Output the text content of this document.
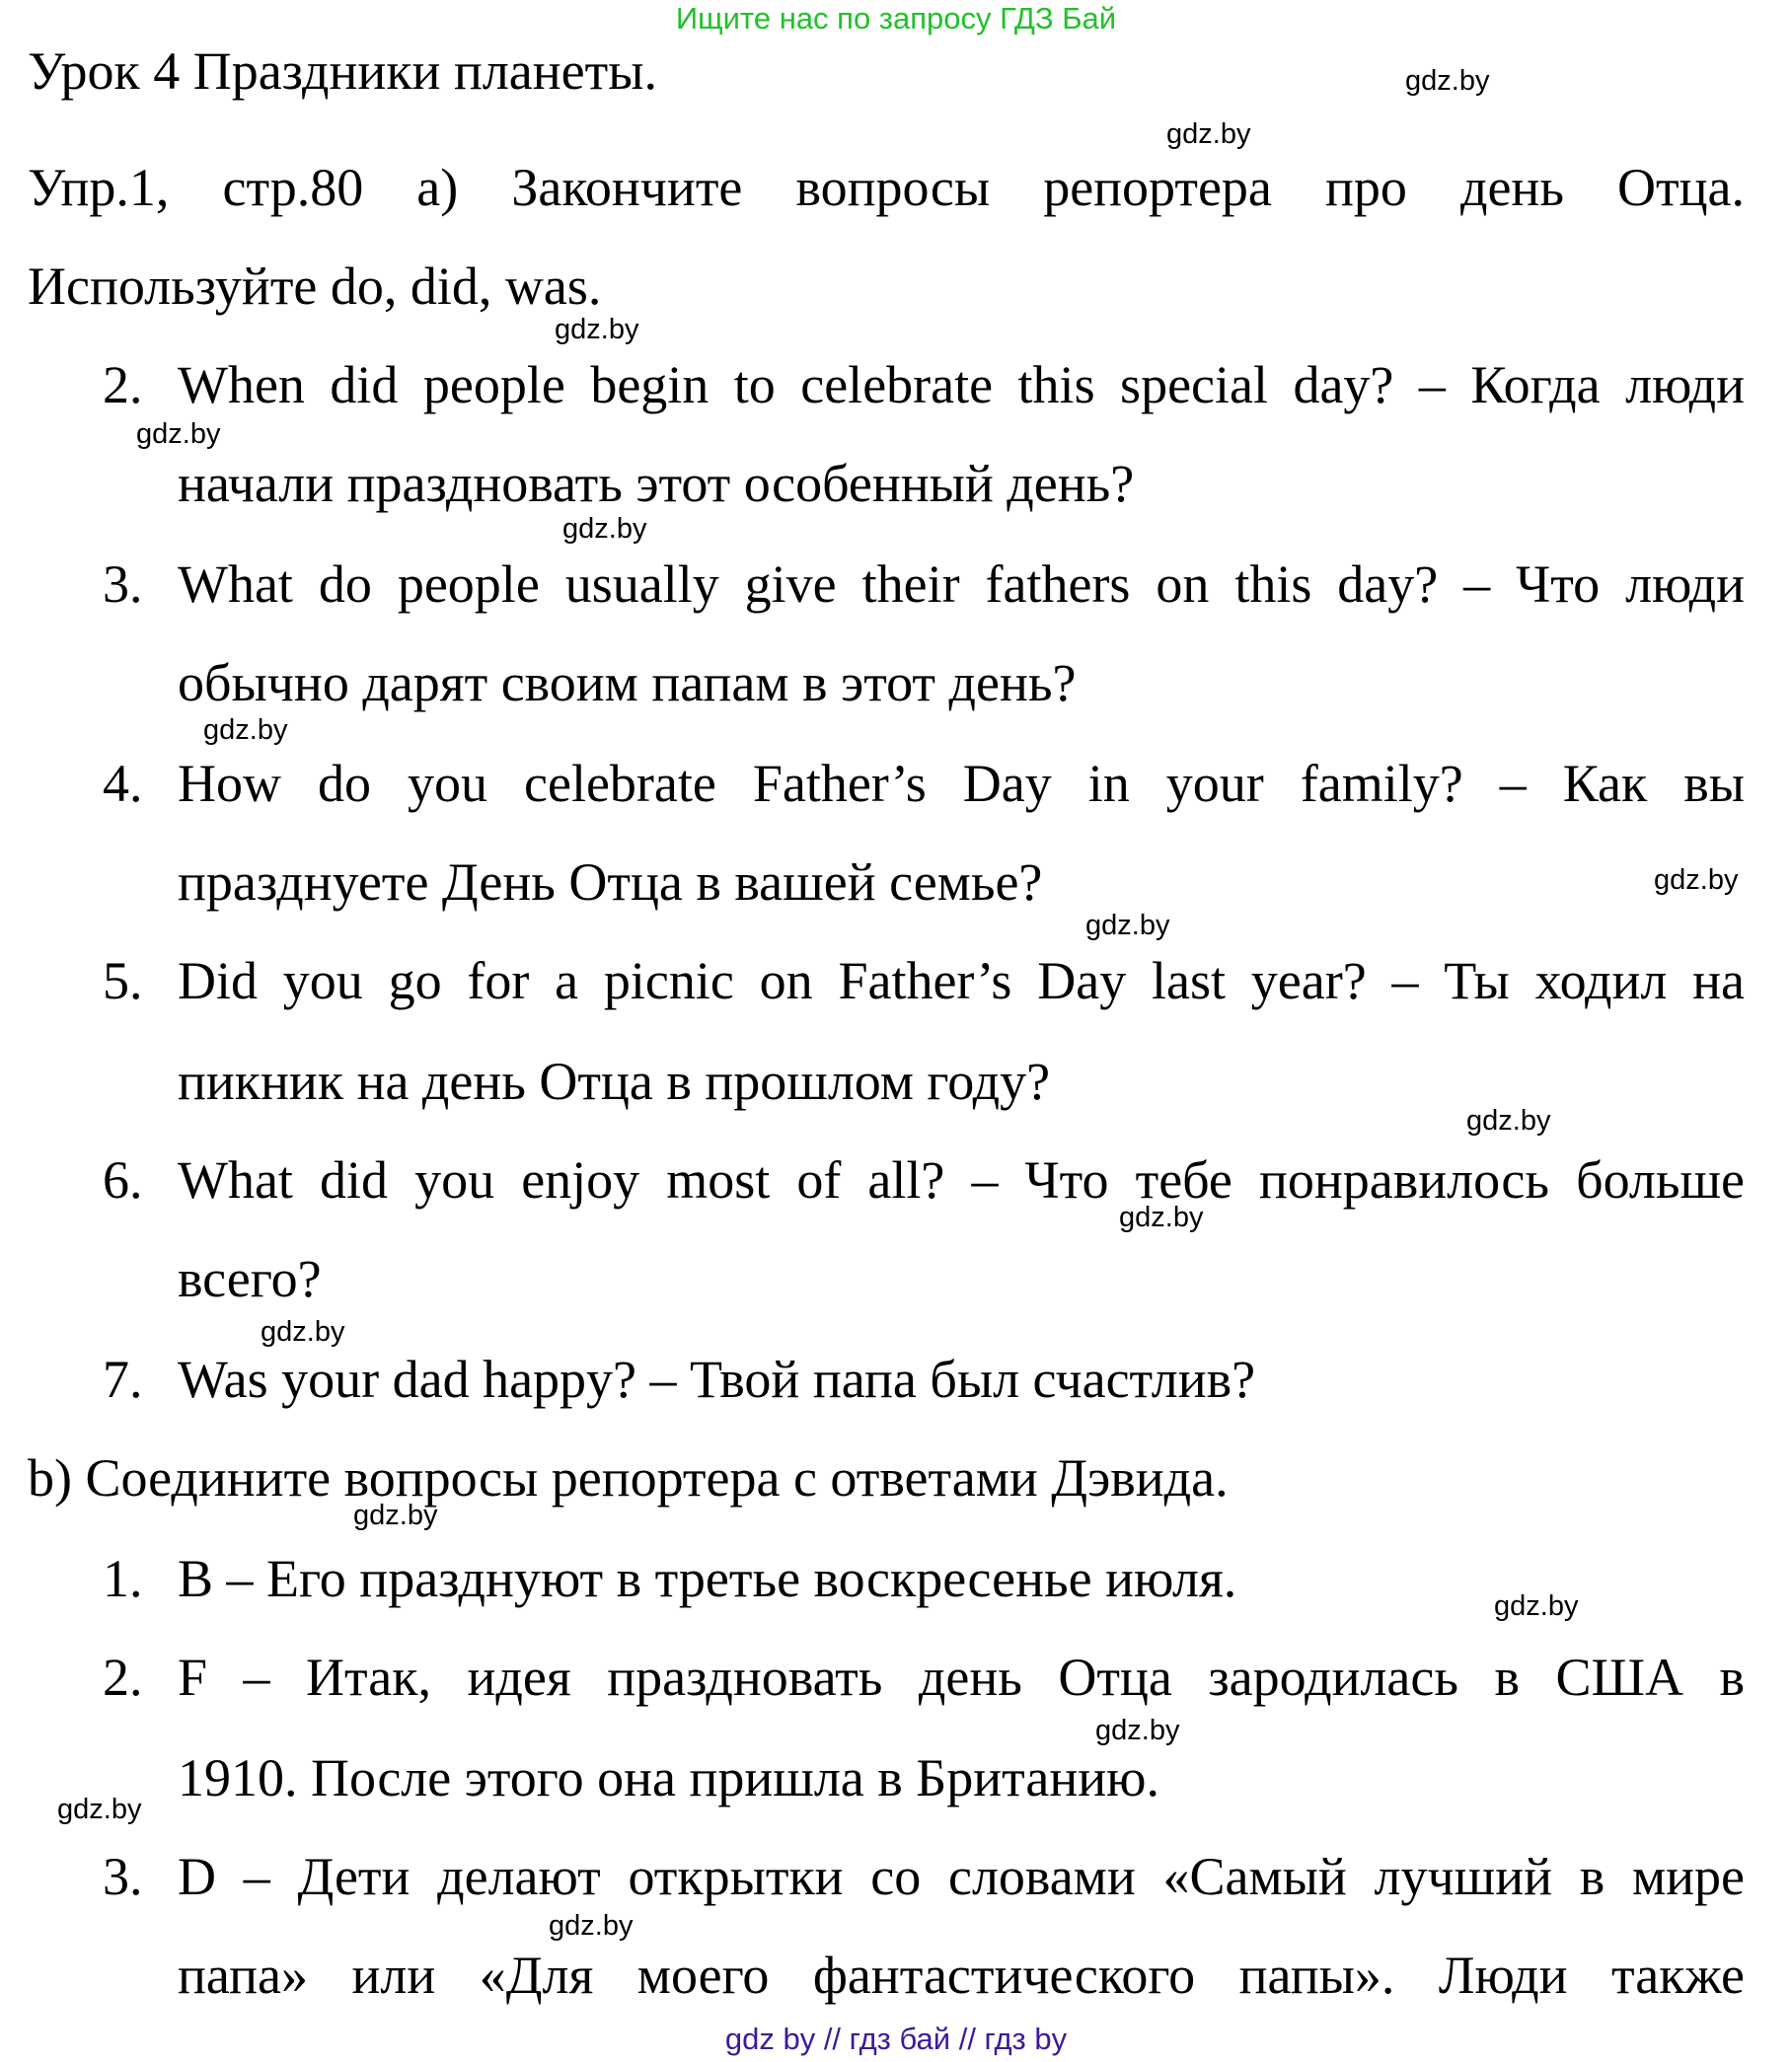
Ищите нас по запросу ГДЗ Бай
Урок 4 Праздники планеты.
Упр.1, стр.80 а) Закончите вопросы репортера про день Отца.
Используйте do, did, was.
2. When did people begin to celebrate this special day? – Когда люди
начали праздновать этот особенный день?
3. What do people usually give their fathers on this day? – Что люди
обычно дарят своим папам в этот день?
4. How do you celebrate Father’s Day in your family? – Как вы
празднуете День Отца в вашей семье?
5. Did you go for a picnic on Father’s Day last year? – Ты ходил на
пикник на день Отца в прошлом году?
6. What did you enjoy most of all? – Что тебе понравилось больше
всего?
7. Was your dad happy? – Твой папа был счастлив?
b) Соедините вопросы репортера с ответами Дэвида.
1. B – Его празднуют в третье воскресенье июля.
2. F – Итак, идея праздновать день Отца зародилась в США в
1910. После этого она пришла в Британию.
3. D – Дети делают открытки со словами «Самый лучший в мире
папа» или «Для моего фантастического папы». Люди также
gdz.by
gdz.by
gdz.by
gdz.by
gdz.by
gdz.by
gdz.by
gdz.by
gdz.by
gdz.by
gdz.by
gdz.by
gdz.by
gdz.by
gdz.by
gdz.by
gdz by // гдз бай // гдз by
